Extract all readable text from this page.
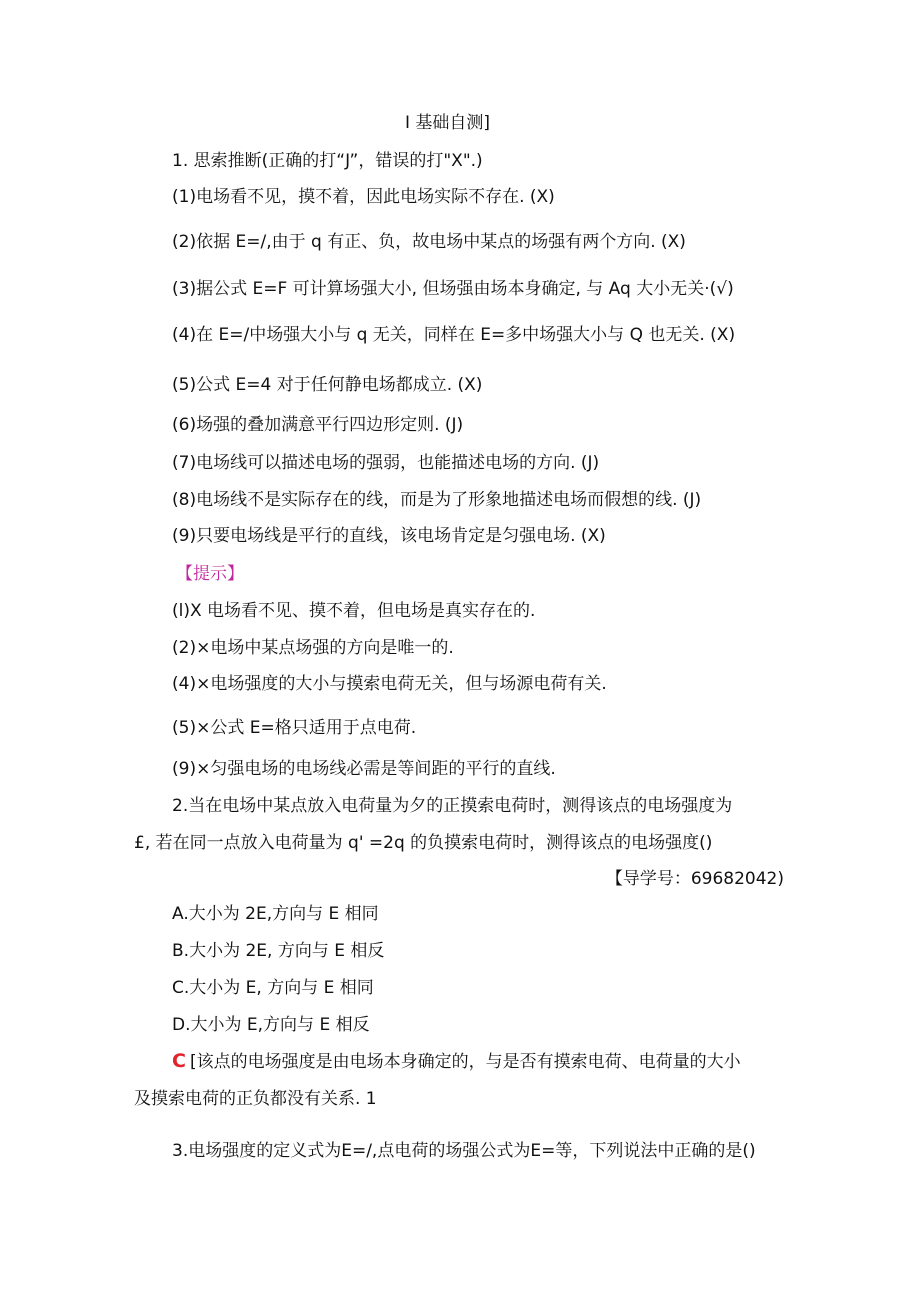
I 基础自测]
1. 思索推断(正确的打“J”，错误的打"X".)
(1)电场看不见，摸不着，因此电场实际不存在. (X)
(2)依据 E=/,由于 q 有正、负，故电场中某点的场强有两个方向. (X)
(3)据公式 E=F 可计算场强大小, 但场强由场本身确定, 与 Aq 大小无关·(√)
(4)在 E=/中场强大小与 q 无关，同样在 E=多中场强大小与 Q 也无关. (X)
(5)公式 E=4 对于任何静电场都成立. (X)
(6)场强的叠加满意平行四边形定则. (J)
(7)电场线可以描述电场的强弱，也能描述电场的方向. (J)
(8)电场线不是实际存在的线，而是为了形象地描述电场而假想的线. (J)
(9)只要电场线是平行的直线，该电场肯定是匀强电场. (X)
【提示】
(l)X 电场看不见、摸不着，但电场是真实存在的.
(2)×电场中某点场强的方向是唯一的.
(4)×电场强度的大小与摸索电荷无关，但与场源电荷有关.
(5)×公式 E=格只适用于点电荷.
(9)×匀强电场的电场线必需是等间距的平行的直线.
2.当在电场中某点放入电荷量为夕的正摸索电荷时，测得该点的电场强度为
£, 若在同一点放入电荷量为 q' =2q 的负摸索电荷时，测得该点的电场强度()
【导学号：69682042)
A.大小为 2E,方向与 E 相同
B.大小为 2E, 方向与 E 相反
C.大小为 E, 方向与 E 相同
D.大小为 E,方向与 E 相反
C [该点的电场强度是由电场本身确定的，与是否有摸索电荷、电荷量的大小
及摸索电荷的正负都没有关系. 1
3.电场强度的定义式为E=/,点电荷的场强公式为E=等，下列说法中正确的是()
